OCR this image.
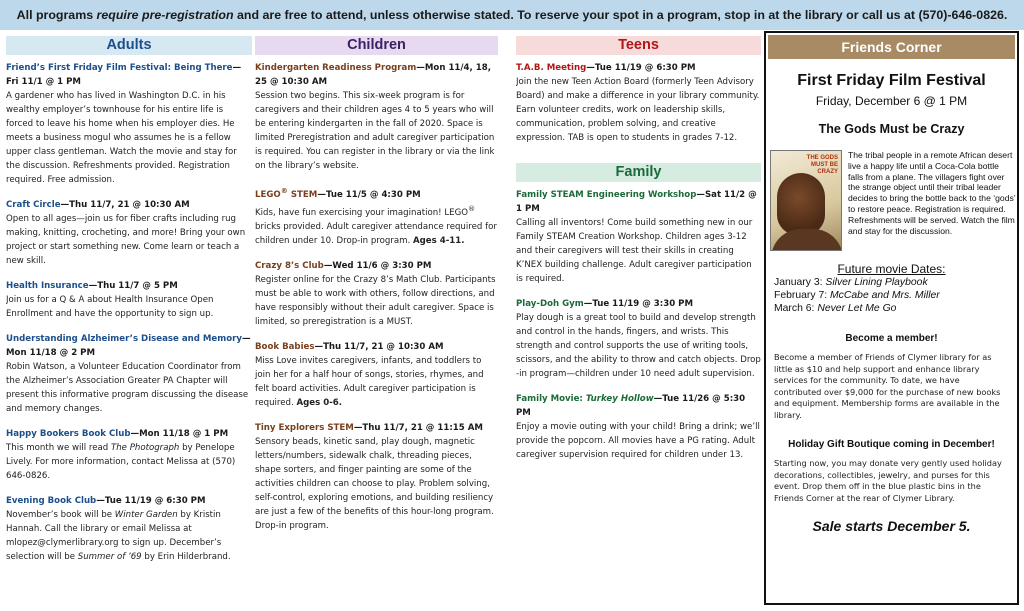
All programs require pre-registration and are free to attend, unless otherwise stated. To reserve your spot in a program, stop in at the library or call us at (570)-646-0826.
Adults
Friend’s First Friday Film Festival: Being There—Fri 11/1 @ 1 PM
A gardener who has lived in Washington D.C. in his wealthy employer’s townhouse for his entire life is forced to leave his home when his employer dies. He meets a business mogul who assumes he is a fellow upper class gentleman. Watch the movie and stay for the discussion. Refreshments provided. Registration required. Free admission.
Craft Circle—Thu 11/7, 21 @ 10:30 AM
Open to all ages—join us for fiber crafts including rug making, knitting, crocheting, and more! Bring your own project or start something new. Come learn or teach a new skill.
Health Insurance—Thu 11/7 @ 5 PM
Join us for a Q & A about Health Insurance Open Enrollment and have the opportunity to sign up.
Understanding Alzheimer’s Disease and Memory—Mon 11/18 @ 2 PM
Robin Watson, a Volunteer Education Coordinator from the Alzheimer’s Association Greater PA Chapter will present this informative program discussing the disease and memory changes.
Happy Bookers Book Club—Mon 11/18 @ 1 PM
This month we will read The Photograph by Penelope Lively. For more information, contact Melissa at (570) 646-0826.
Evening Book Club—Tue 11/19 @ 6:30 PM
November’s book will be Winter Garden by Kristin Hannah. Call the library or email Melissa at mlopez@clymerlibrary.org to sign up. December’s selection will be Summer of ’69 by Erin Hilderbrand.
Children
Kindergarten Readiness Program—Mon 11/4, 18, 25 @ 10:30 AM
Session two begins. This six-week program is for caregivers and their children ages 4 to 5 years who will be entering kindergarten in the fall of 2020. Space is limited Preregistration and adult caregiver participation is required. You can register in the library or via the link on the library’s website.
LEGO® STEM—Tue 11/5 @ 4:30 PM
Kids, have fun exercising your imagination! LEGO® bricks provided. Adult caregiver attendance required for children under 10. Drop-in program. Ages 4-11.
Crazy 8’s Club—Wed 11/6 @ 3:30 PM
Register online for the Crazy 8’s Math Club. Participants must be able to work with others, follow directions, and have responsibly without their adult caregiver. Space is limited, so preregistration is a MUST.
Book Babies—Thu 11/7, 21 @ 10:30 AM
Miss Love invites caregivers, infants, and toddlers to join her for a half hour of songs, stories, rhymes, and felt board activities. Adult caregiver participation is required. Ages 0-6.
Tiny Explorers STEM—Thu 11/7, 21 @ 11:15 AM
Sensory beads, kinetic sand, play dough, magnetic letters/numbers, sidewalk chalk, threading pieces, shape sorters, and finger painting are some of the activities children can choose to play. Problem solving, self-control, exploring emotions, and building resiliency are just a few of the benefits of this hour-long program. Drop-in program.
Teens
T.A.B. Meeting—Tue 11/19 @ 6:30 PM
Join the new Teen Action Board (formerly Teen Advisory Board) and make a difference in your library community. Earn volunteer credits, work on leadership skills, communication, problem solving, and creative expression. TAB is open to students in grades 7-12.
Family
Family STEAM Engineering Workshop—Sat 11/2 @ 1 PM
Calling all inventors! Come build something new in our Family STEAM Creation Workshop. Children ages 3-12 and their caregivers will test their skills in creating K’NEX building challenge. Adult caregiver participation is required.
Play-Doh Gym—Tue 11/19 @ 3:30 PM
Play dough is a great tool to build and develop strength and control in the hands, fingers, and wrists. This strength and control supports the use of writing tools, scissors, and the ability to throw and catch objects. Drop -in program—children under 10 need adult supervision.
Family Movie: Turkey Hollow—Tue 11/26 @ 5:30 PM
Enjoy a movie outing with your child! Bring a drink; we’ll provide the popcorn. All movies have a PG rating. Adult caregiver supervision required for children under 13.
Friends Corner
First Friday Film Festival
Friday, December 6 @ 1 PM
The Gods Must be Crazy
THE GODS MUST BE CRAZY
The tribal people in a remote African desert live a happy life until a Coca-Cola bottle falls from a plane. The villagers fight over the strange object until their tribal leader decides to bring the bottle back to the ‘gods’ to restore peace. Registration is required. Refreshments will be served. Watch the film and stay for the discussion.
Future movie Dates:
January 3: Silver Lining Playbook
February 7: McCabe and Mrs. Miller
March 6: Never Let Me Go
Become a member!
Become a member of Friends of Clymer library for as little as $10 and help support and enhance library services for the community. To date, we have contributed over $9,000 for the purchase of new books and equipment. Membership forms are available in the library.
Holiday Gift Boutique coming in December!
Starting now, you may donate very gently used holiday decorations, collectibles, jewelry, and purses for this event. Drop them off in the blue plastic bins in the Friends Corner at the rear of Clymer Library.
Sale starts December 5.
